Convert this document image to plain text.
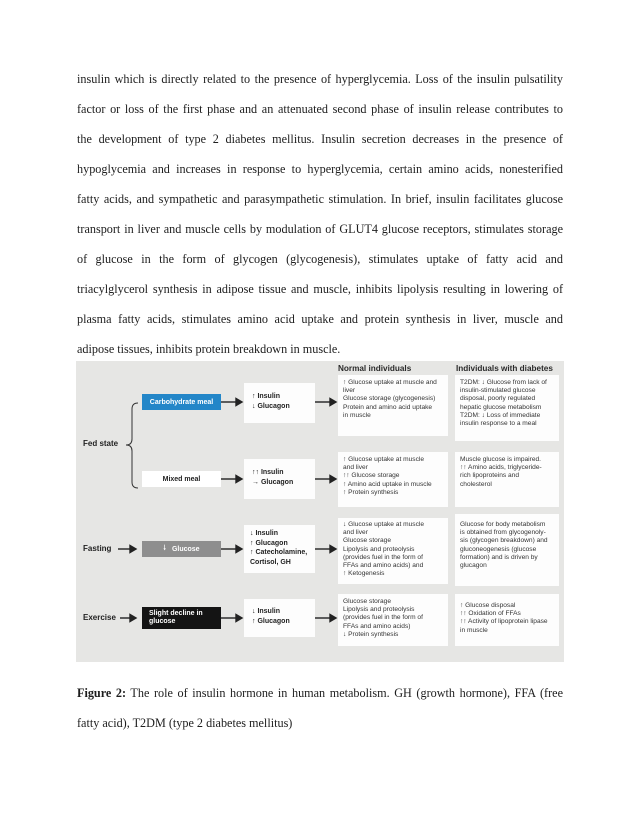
insulin which is directly related to the presence of hyperglycemia. Loss of the insulin pulsatility
factor or loss of the first phase and an attenuated second phase of insulin release contributes to
the development of type 2 diabetes mellitus. Insulin secretion decreases in the presence of
hypoglycemia and increases in response to hyperglycemia, certain amino acids, nonesterified
fatty acids, and sympathetic and parasympathetic stimulation. In brief, insulin facilitates glucose
transport in liver and muscle cells by modulation of GLUT4 glucose receptors, stimulates storage
of glucose in the form of glycogen (glycogenesis), stimulates uptake of fatty acid and
triacylglycerol synthesis in adipose tissue and muscle, inhibits lipolysis resulting in lowering of
plasma fatty acids, stimulates amino acid uptake and protein synthesis in liver, muscle and
adipose tissues, inhibits protein breakdown in muscle.
Normal individuals	Individuals with diabetes
Fed state
Fasting
Exercise
Carbohydrate meal
↑ Insulin
↓ Glucagon
↑ Glucose uptake at muscle and
liver
Glucose storage (glycogenesis)
Protein and amino acid uptake
in muscle
T2DM: ↓ Glucose from lack of
insulin-stimulated glucose
disposal, poorly regulated
hepatic glucose metabolism
T2DM: ↓ Loss of immediate
insulin response to a meal
Mixed meal
↑↑ Insulin
→ Glucagon
↑ Glucose uptake at muscle
and liver
↑↑ Glucose storage
↑ Amino acid uptake in muscle
↑ Protein synthesis
Muscle glucose is impaired.
↑↑ Amino acids, triglyceride-
rich lipoproteins and
cholesterol
🠓 Glucose
↓ Insulin
↑ Glucagon
↑ Catecholamine,
Cortisol, GH
↓ Glucose uptake at muscle
and liver
Glucose storage
Lipolysis and proteolysis
(provides fuel in the form of
FFAs and amino acids) and
↑ Ketogenesis
Glucose for body metabolism
is obtained from glycogenoly-
sis (glycogen breakdown) and
gluconeogenesis (glucose
formation) and is driven by
glucagon
Slight decline in glucose
↓ Insulin
↑ Glucagon
Glucose storage
Lipolysis and proteolysis
(provides fuel in the form of
FFAs and amino acids)
↓ Protein synthesis
↑ Glucose disposal
↑↑ Oxidation of FFAs
↑↑ Activity of lipoprotein lipase
in muscle
Figure 2: The role of insulin hormone in human metabolism. GH (growth hormone), FFA (free
fatty acid), T2DM (type 2 diabetes mellitus)
